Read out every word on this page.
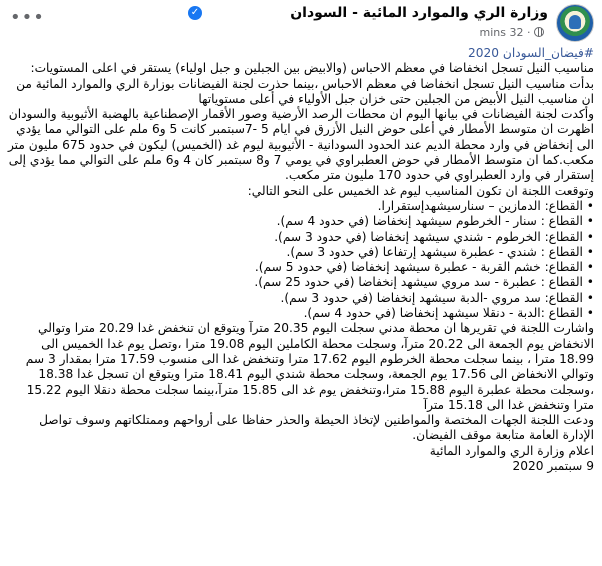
وزارة الري والموارد المائية - السودان
✓
· 32 mins
•••
#فيضان_السودان 2020
مناسيب النيل تسجل انخفاضا في معظم الاحباس (والابيض بين الجبلين و جبل اولياء) يستقر في اعلى المستويات:
بدأت مناسيب النيل تسجل انخفاضا في معظم الاحباس ،بينما حذرت لجنة الفيضانات بوزارة الري والموارد المائية من ان مناسيب النيل الأبيض من الجبلين حتى خزان جبل الأولياء في أعلى مستوياتها
وأكدت لجنة الفيضانات في بيانها اليوم ان محطات الرصد الأرضية وصور الأقمار الإصطناعية بالهضبة الأثيوبية والسودان اظهرت ان متوسط الأمطار في أعلى حوض النيل الأزرق في ايام 5 -7سبتمبر كانت 5 و6 ملم على التوالي مما يؤدي الى إنخفاض في وارد محطة الديم عند الحدود السودانية - الأثيوبية ليوم غد (الخميس) ليكون في حدود 675 مليون متر مكعب.كما ان متوسط الأمطار في حوض العطبراوي في يومي 7 و8 سبتمبر كان 4 و6 ملم على التوالي مما يؤدي إلى إستقرار في وارد العطبراوي في حدود 170 مليون متر مكعب.
وتوقعت اللجنة ان تكون المناسيب ليوم غد الخميس على النحو التالي:
• القطاع: الدمازين – سنارسيشهدإستقرارا.
• القطاع : سنار - الخرطوم سيشهد إنخفاضا (في حدود 4 سم).
• القطاع: الخرطوم - شندي سيشهد إنخفاضا (في حدود 3 سم).
• القطاع : شندي - عطبرة سيشهد إرتفاعا (في حدود 3 سم).
• القطاع: خشم القربة - عطبرة سيشهد إنخفاضا (في حدود 5 سم).
• القطاع : عطبرة - سد مروي سيشهد إنخفاضا (في حدود 25 سم).
• القطاع: سد مروي -الدبة سيشهد إنخفاضا (في حدود 3 سم).
• القطاع :الدبة - دنقلا سيشهد إنخفاضا (في حدود 4 سم).
واشارت اللجنة في تقريرها ان محطة مدني سجلت اليوم 20.35 مترآ ويتوقع ان تنخفض غدا 20.29 مترا وتوالي الانخفاض يوم الجمعة الى 20.22 مترآ، وسجلت محطة الكاملين اليوم 19.08 مترا ،وتصل يوم غدا الخميس الى 18.99 مترا ، بينما سجلت محطة الخرطوم اليوم 17.62 مترا وتنخفض غدا الى منسوب 17.59 مترا بمقدار 3 سم وتوالي الانخفاض الى 17.56 يوم الجمعة، وسجلت محطة شندي اليوم 18.41 مترا ويتوقع ان تسجل غدا 18.38 ،وسجلت محطة عطبرة اليوم 15.88 مترا،وتنخفض يوم غد الى 15.85 مترآ،بينما سجلت محطة دنقلا اليوم 15.22 مترا وتنخفض غدا الى 15.18 مترآ
ودعت اللجنة الجهات المختصة والمواطنين لإتخاذ الحيطة والحذر حفاظا على أرواحهم وممتلكاتهم وسوف تواصل الإدارة العامة متابعة موقف الفيضان.
اعلام وزارة الري والموارد المائية
9 سبتمبر 2020
